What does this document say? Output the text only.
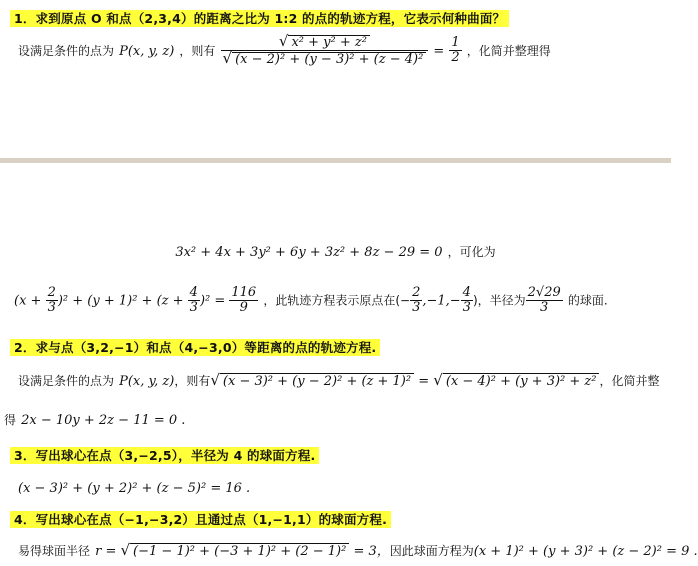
1．求到原点 O 和点（2,3,4）的距离之比为 1:2 的点的轨迹方程，它表示何种曲面？
设满足条件的点为 P(x, y, z) ，则有 $\frac{\text{√ x² + y² + z²}}{\text{√ (x − 2)² + (y − 3)² + (z − 4)²}} = \frac{1}{2}$ ，化简并整理得
3x² + 4x + 3y² + 6y + 3z² + 8z − 29 = 0 ，可化为
$(x + \frac{2}{3} )^2 + (y + 1)^2 + (z + \frac{4}{3} )^2 = \frac{116}{9}$ ，此轨迹方程表示原点在(− $\frac{2}{3} ,-1,- \frac{4}{3}$ )，半径为 $\frac{2√29}{3}$ 的球面.
2．求与点（3,2,−1）和点（4,−3,0）等距离的点的轨迹方程.
设满足条件的点为 P(x, y, z)，则有√ (x − 3)² + (y − 2)² + (z + 1)² = √ (x − 4)² + (y + 3)² + z² ，化简并整
得 2x − 10y + 2z − 11 = 0 .
3．写出球心在点（3,−2,5），半径为 4 的球面方程.
(x − 3)² + (y + 2)² + (z − 5)² = 16 .
4．写出球心在点（−1,−3,2）且通过点（1,−1,1）的球面方程.
易得球面半径 r = √ (−1 − 1)² + (−3 + 1)² + (2 − 1)² = 3，因此球面方程为(x + 1)² + (y + 3)² + (z − 2)² = 9 .
